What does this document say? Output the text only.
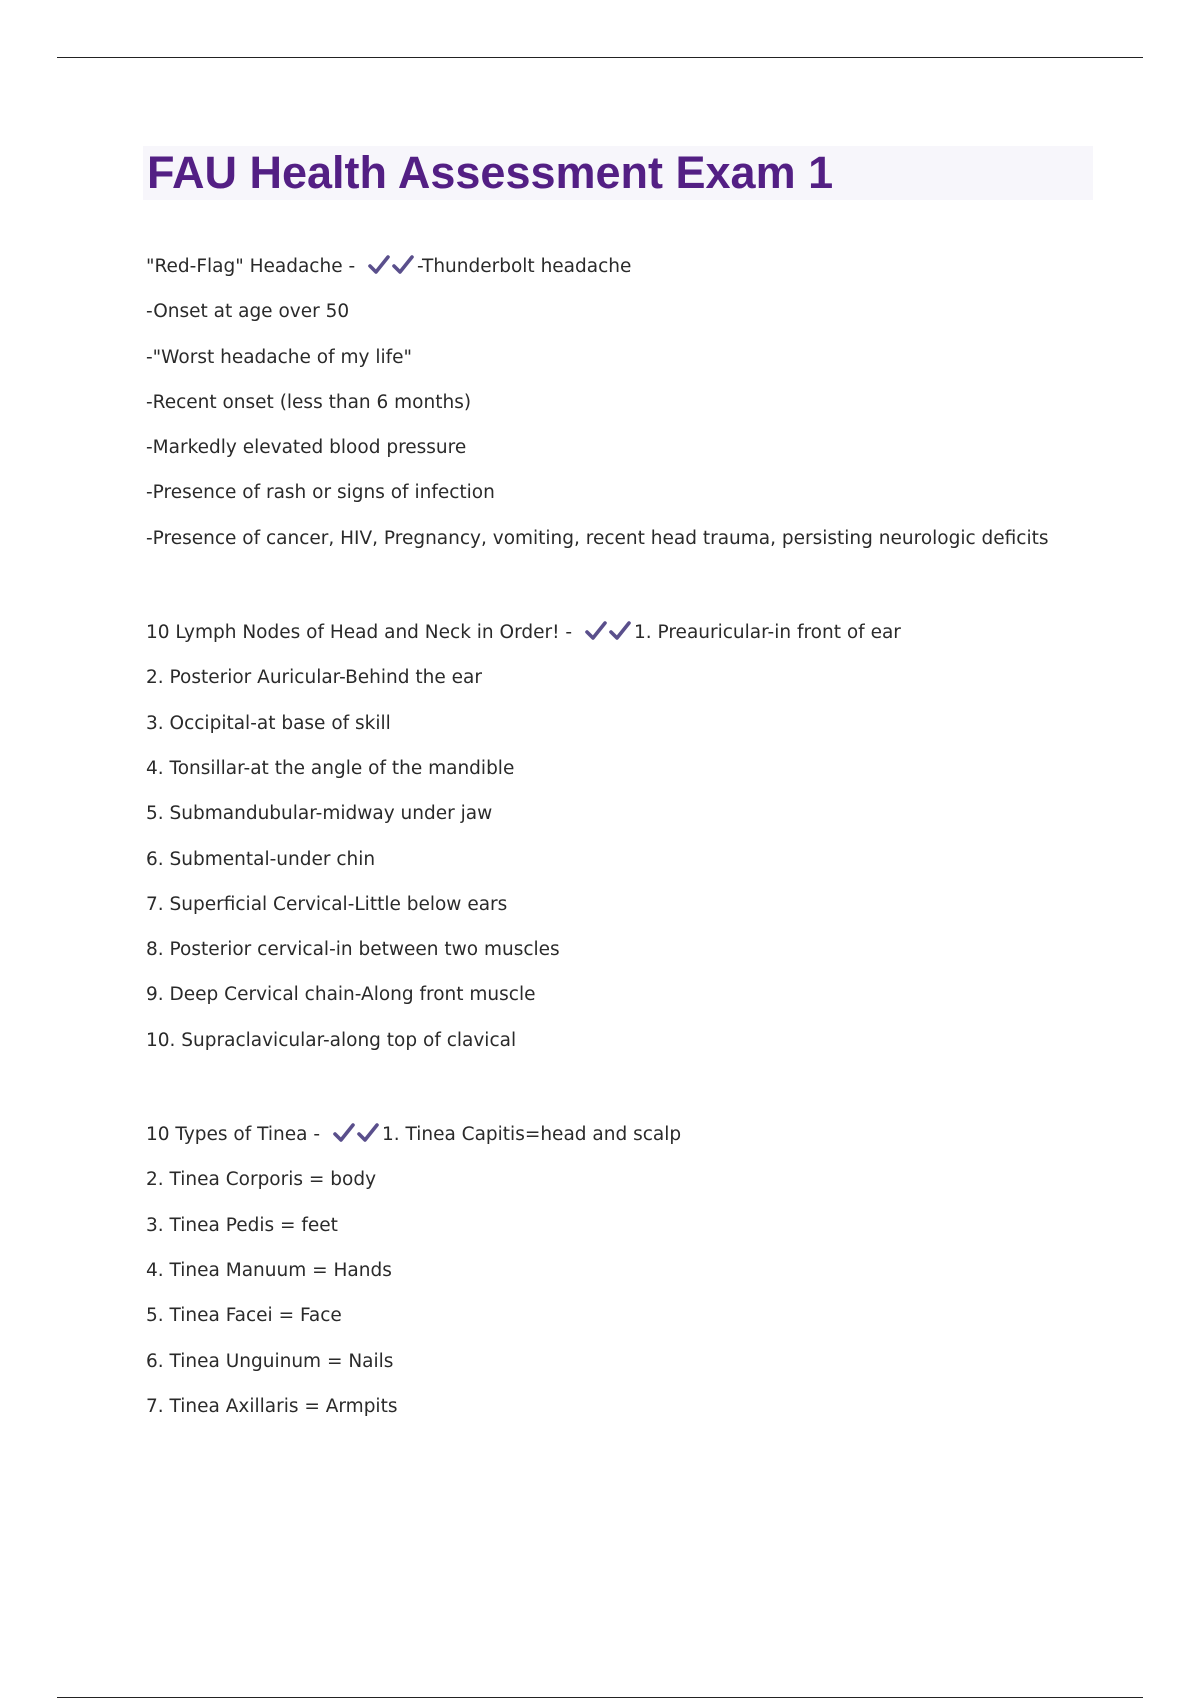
FAU Health Assessment Exam 1

"Red-Flag" Headache -	-Thunderbolt headache

-Onset at age over 50

-"Worst headache of my life"

-Recent onset (less than 6 months)

-Markedly elevated blood pressure

-Presence of rash or signs of infection

-Presence of cancer, HIV, Pregnancy, vomiting, recent head trauma, persisting neurologic deficits

10 Lymph Nodes of Head and Neck in Order! -	1. Preauricular-in front of ear

2. Posterior Auricular-Behind the ear

3. Occipital-at base of skill

4. Tonsillar-at the angle of the mandible

5. Submandubular-midway under jaw

6. Submental-under chin

7. Superficial Cervical-Little below ears

8. Posterior cervical-in between two muscles

9. Deep Cervical chain-Along front muscle

10. Supraclavicular-along top of clavical

10 Types of Tinea -	1. Tinea Capitis=head and scalp

2. Tinea Corporis = body

3. Tinea Pedis = feet

4. Tinea Manuum = Hands

5. Tinea Facei = Face

6. Tinea Unguinum = Nails

7. Tinea Axillaris = Armpits
